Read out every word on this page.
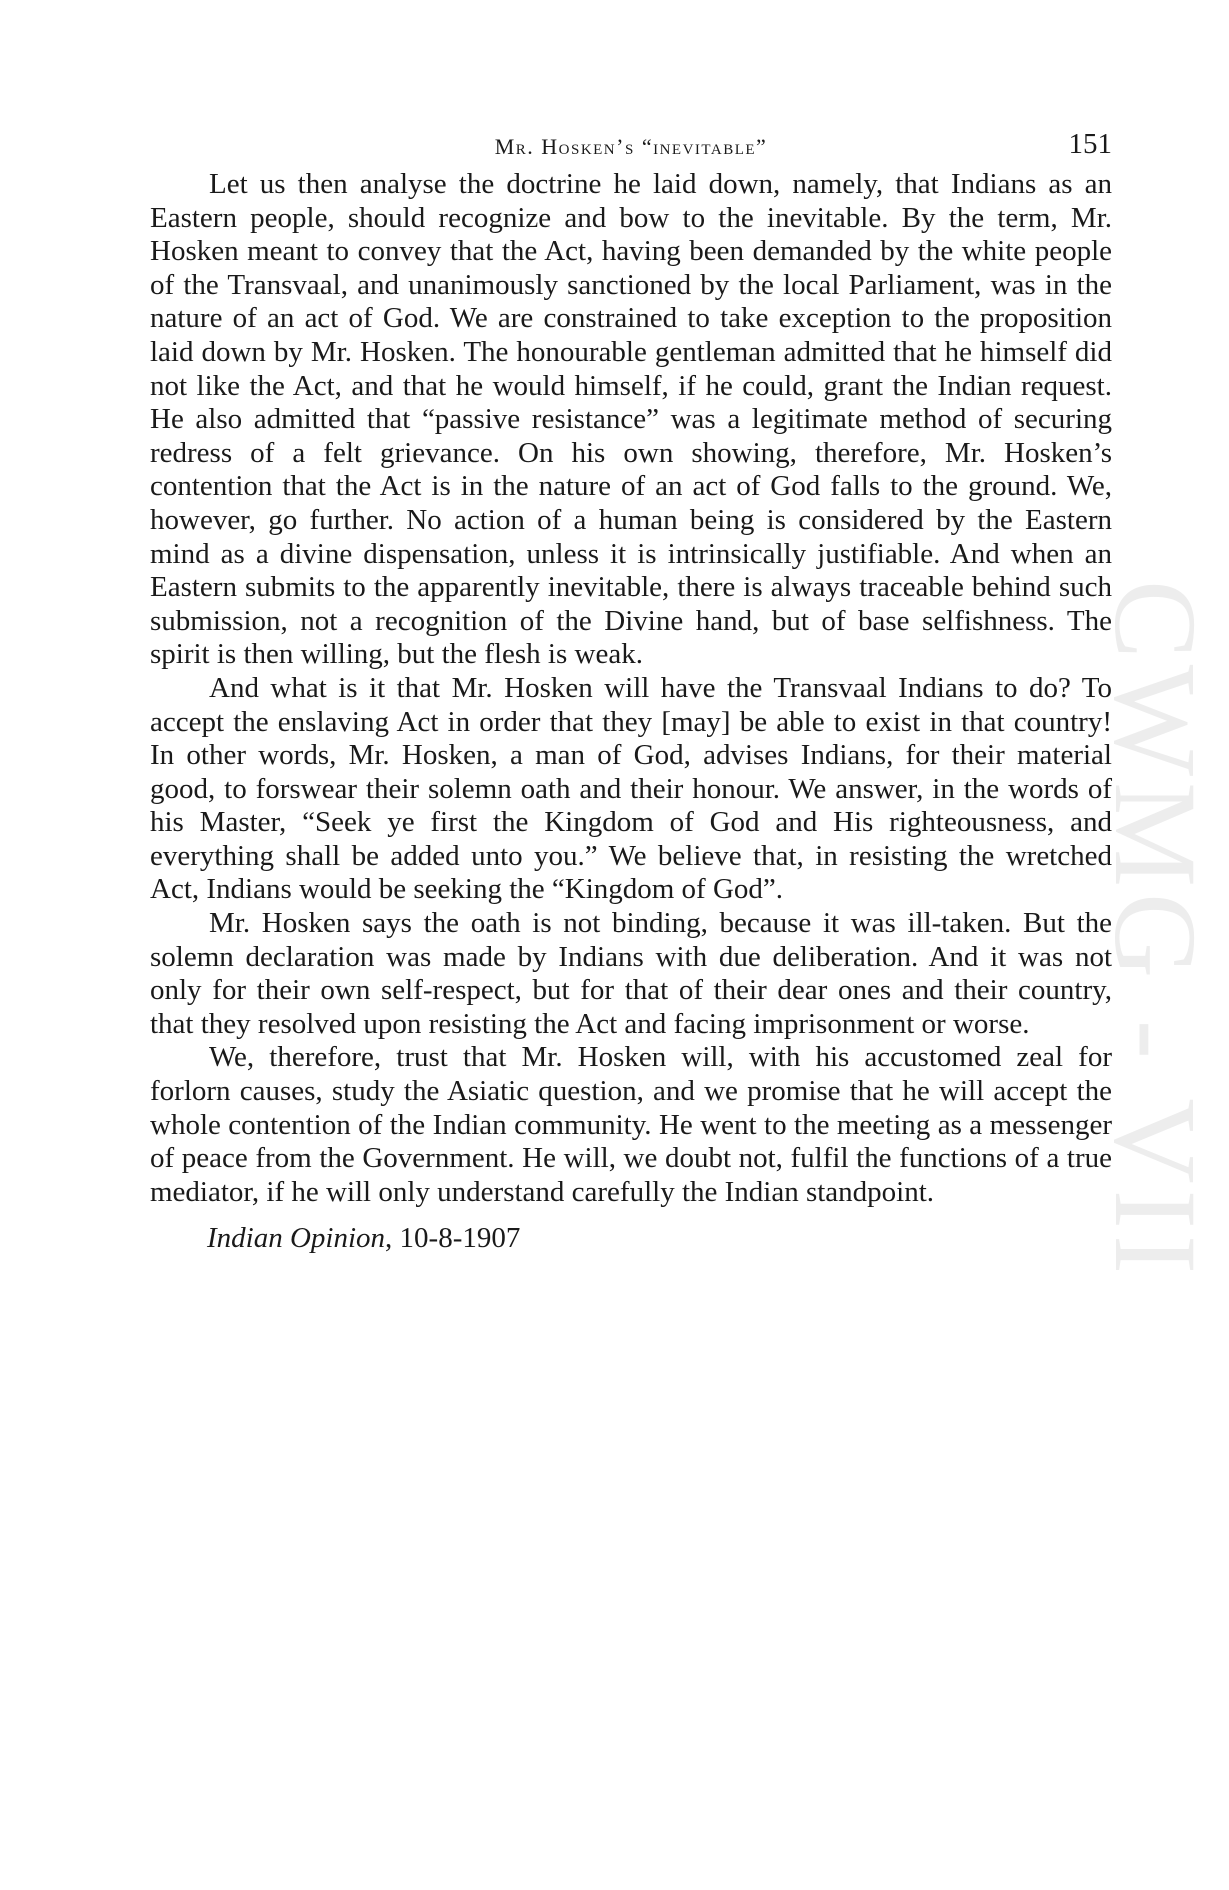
CWMG - VII
Mr. Hosken’s “inevitable”	151

Let us then analyse the doctrine he laid down, namely, that Indians as an Eastern people, should recognize and bow to the inevitable. By the term, Mr. Hosken meant to convey that the Act, having been demanded by the white people of the Transvaal, and unanimously sanctioned by the local Parliament, was in the nature of an act of God. We are constrained to take exception to the proposition laid down by Mr. Hosken. The honourable gentleman admitted that he himself did not like the Act, and that he would himself, if he could, grant the Indian request. He also admitted that “passive resistance” was a legitimate method of securing redress of a felt grievance. On his own showing, therefore, Mr. Hosken’s contention that the Act is in the nature of an act of God falls to the ground. We, however, go further. No action of a human being is considered by the Eastern mind as a divine dispensation, unless it is intrinsically justifiable. And when an Eastern submits to the apparently inevitable, there is always traceable behind such submission, not a recognition of the Divine hand, but of base selfishness. The spirit is then willing, but the flesh is weak.

And what is it that Mr. Hosken will have the Transvaal Indians to do? To accept the enslaving Act in order that they [may] be able to exist in that country! In other words, Mr. Hosken, a man of God, advises Indians, for their material good, to forswear their solemn oath and their honour. We answer, in the words of his Master, “Seek ye first the Kingdom of God and His righteousness, and everything shall be added unto you.” We believe that, in resisting the wretched Act, Indians would be seeking the “Kingdom of God”.

Mr. Hosken says the oath is not binding, because it was ill-taken. But the solemn declaration was made by Indians with due deliberation. And it was not only for their own self-respect, but for that of their dear ones and their country, that they resolved upon resisting the Act and facing imprisonment or worse.

We, therefore, trust that Mr. Hosken will, with his accustomed zeal for forlorn causes, study the Asiatic question, and we promise that he will accept the whole contention of the Indian community. He went to the meeting as a messenger of peace from the Government. He will, we doubt not, fulfil the functions of a true mediator, if he will only understand carefully the Indian standpoint.

Indian Opinion, 10-8-1907
